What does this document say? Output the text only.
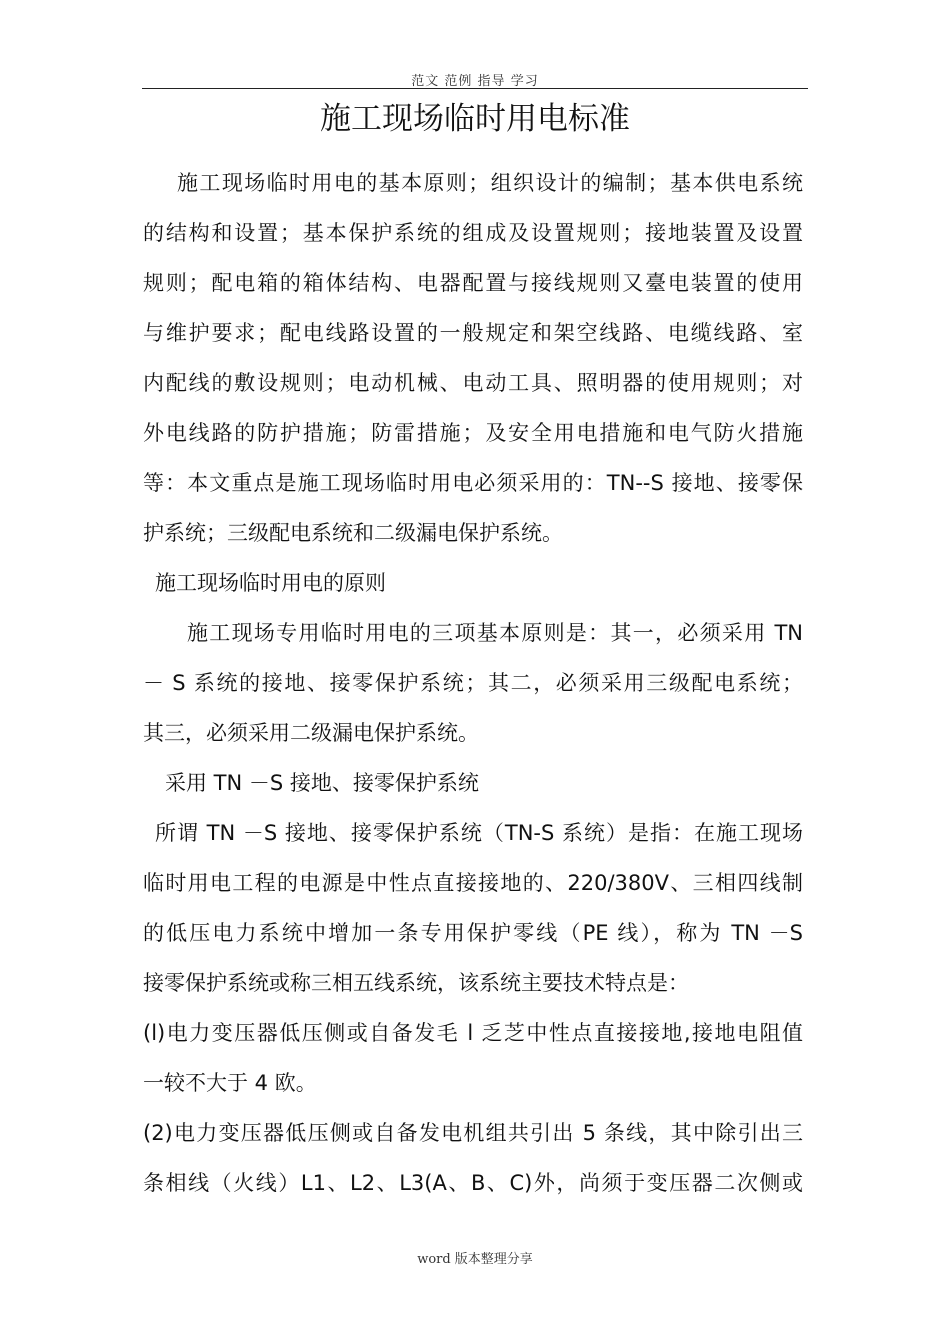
范文 范例 指导 学习
施工现场临时用电标准
施工现场临时用电的基本原则；组织设计的编制；基本供电系统
的结构和设置；基本保护系统的组成及设置规则；接地装置及设置
规则；配电箱的箱体结构、电器配置与接线规则又臺电装置的使用
与维护要求；配电线路设置的一般规定和架空线路、电缆线路、室
内配线的敷设规则；电动机械、电动工具、照明器的使用规则；对
外电线路的防护措施；防雷措施；及安全用电措施和电气防火措施
等：本文重点是施工现场临时用电必须采用的：TN--S 接地、接零保
护系统；三级配电系统和二级漏电保护系统。
施工现场临时用电的原则
施工现场专用临时用电的三项基本原则是：其一，必须采用 TN
－ S 系统的接地、接零保护系统；其二，必须采用三级配电系统；
其三，必须采用二级漏电保护系统。
采用 TN －S 接地、接零保护系统
所谓 TN －S 接地、接零保护系统（TN-S 系统）是指：在施工现场
临时用电工程的电源是中性点直接接地的、220/380V、三相四线制
的低压电力系统中增加一条专用保护零线（PE 线），称为 TN －S
接零保护系统或称三相五线系统，该系统主要技术特点是：
(l)电力变压器低压侧或自备发毛 l 乏芝中性点直接接地,接地电阻值
一较不大于 4 欧。
(2)电力变压器低压侧或自备发电机组共引出 5 条线，其中除引出三
条相线（火线）L1、L2、L3(A、B、C)外，尚须于变压器二次侧或
word 版本整理分享
